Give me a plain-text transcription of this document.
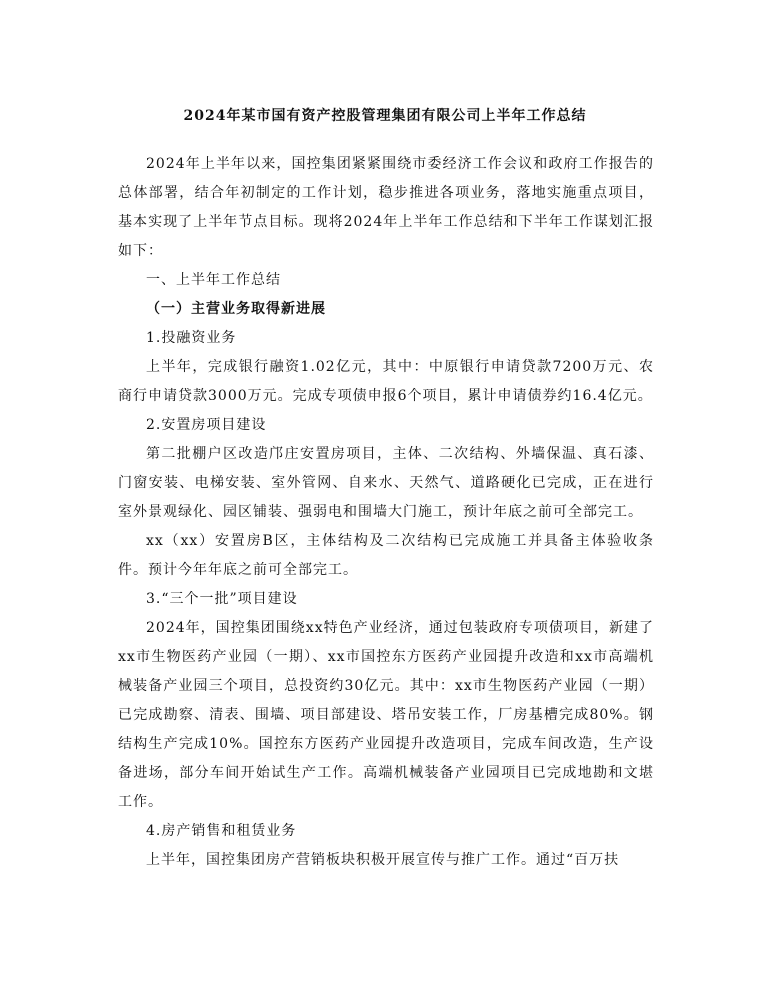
2024年某市国有资产控股管理集团有限公司上半年工作总结

2024年上半年以来，国控集团紧紧围绕市委经济工作会议和政府工作报告的总体部署，结合年初制定的工作计划，稳步推进各项业务，落地实施重点项目，基本实现了上半年节点目标。现将2024年上半年工作总结和下半年工作谋划汇报如下：

一、上半年工作总结

（一）主营业务取得新进展

1.投融资业务

上半年，完成银行融资1.02亿元，其中：中原银行申请贷款7200万元、农商行申请贷款3000万元。完成专项债申报6个项目，累计申请债券约16.4亿元。

2.安置房项目建设

第二批棚户区改造邝庄安置房项目，主体、二次结构、外墙保温、真石漆、门窗安装、电梯安装、室外管网、自来水、天然气、道路硬化已完成，正在进行室外景观绿化、园区铺装、强弱电和围墙大门施工，预计年底之前可全部完工。

xx（xx）安置房B区，主体结构及二次结构已完成施工并具备主体验收条件。预计今年年底之前可全部完工。

3.“三个一批”项目建设

2024年，国控集团围绕xx特色产业经济，通过包装政府专项债项目，新建了xx市生物医药产业园（一期）、xx市国控东方医药产业园提升改造和xx市高端机械装备产业园三个项目，总投资约30亿元。其中：xx市生物医药产业园（一期）已完成勘察、清表、围墙、项目部建设、塔吊安装工作，厂房基槽完成80%。钢结构生产完成10%。国控东方医药产业园提升改造项目，完成车间改造，生产设备进场，部分车间开始试生产工作。高端机械装备产业园项目已完成地勘和文堪工作。

4.房产销售和租赁业务

上半年，国控集团房产营销板块积极开展宣传与推广工作。通过“百万扶
